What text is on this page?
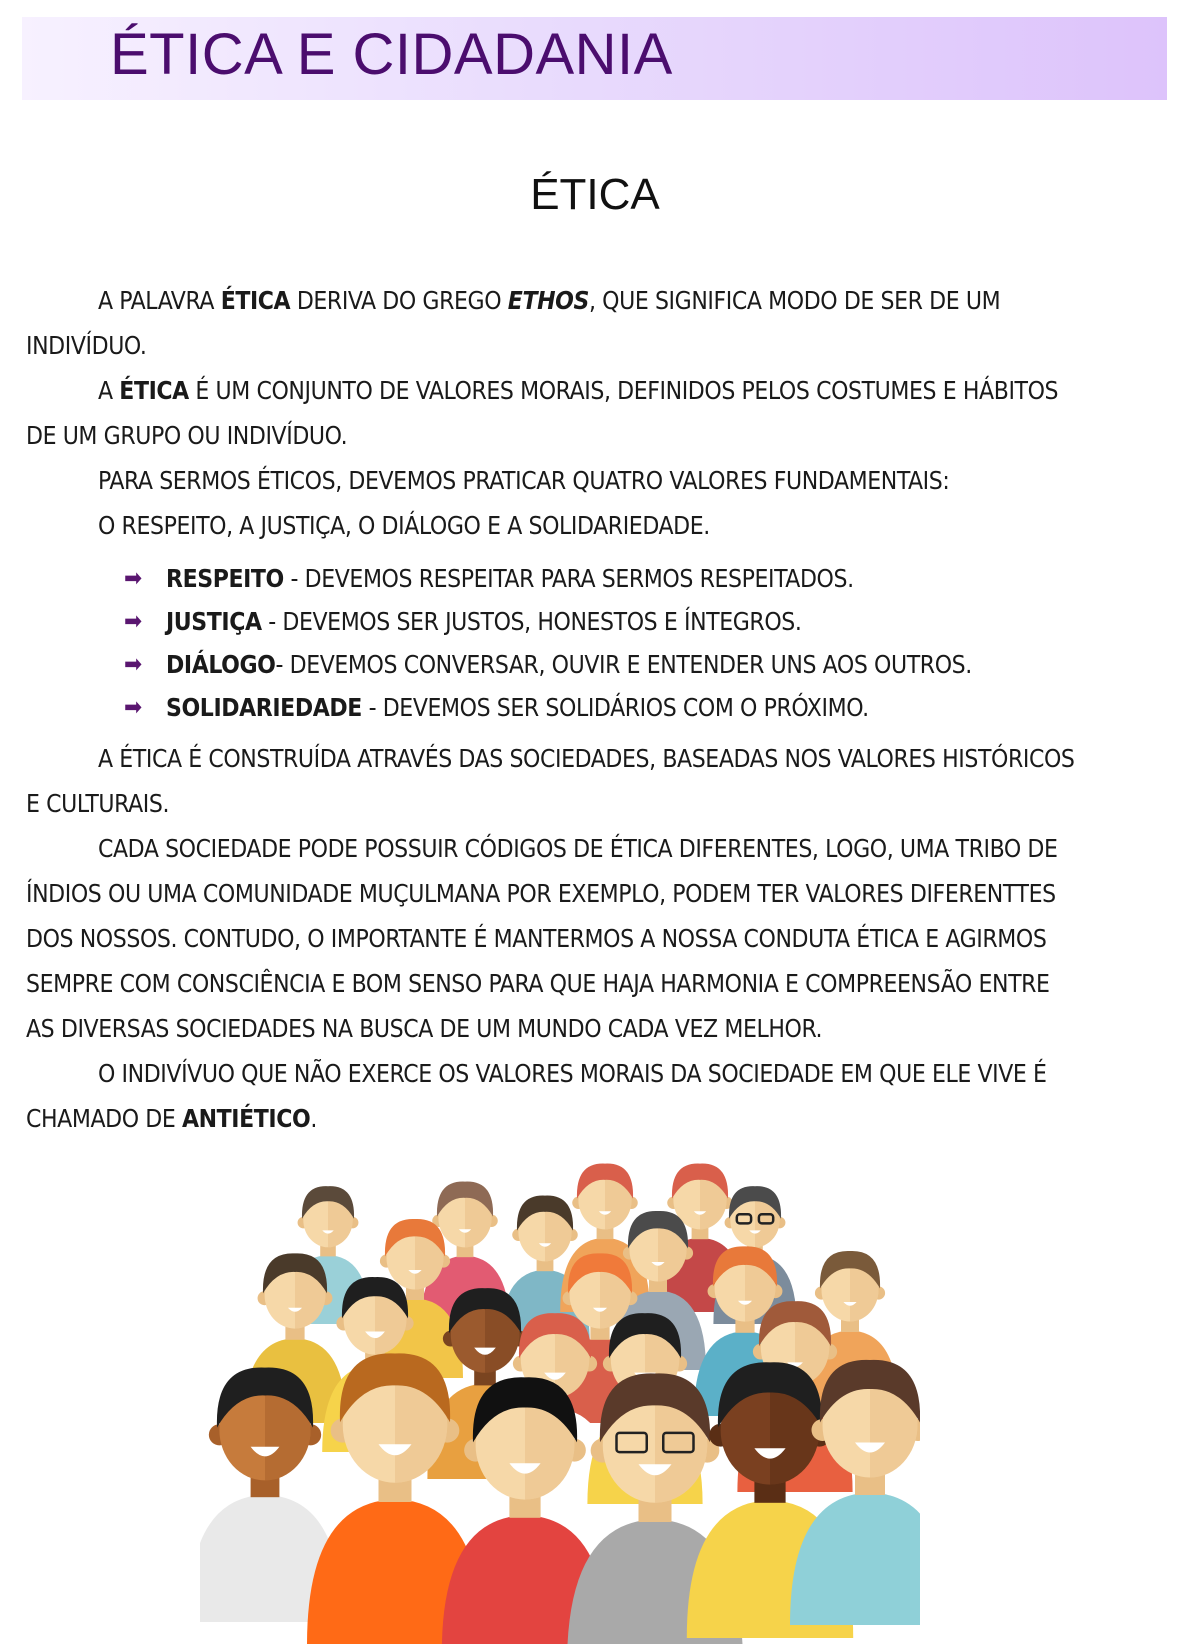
ÉTICA E CIDADANIA
ÉTICA
A PALAVRA ÉTICA DERIVA DO GREGO ETHOS, QUE SIGNIFICA MODO DE SER DE UM
INDIVÍDUO.
A ÉTICA É UM CONJUNTO DE VALORES MORAIS, DEFINIDOS PELOS COSTUMES E HÁBITOS
DE UM GRUPO OU INDIVÍDUO.
PARA SERMOS ÉTICOS, DEVEMOS PRATICAR QUATRO VALORES FUNDAMENTAIS:
O RESPEITO, A JUSTIÇA, O DIÁLOGO E A SOLIDARIEDADE.
➡ RESPEITO - DEVEMOS RESPEITAR PARA SERMOS RESPEITADOS.
➡ JUSTIÇA - DEVEMOS SER JUSTOS, HONESTOS E ÍNTEGROS.
➡ DIÁLOGO- DEVEMOS CONVERSAR, OUVIR E ENTENDER UNS AOS OUTROS.
➡ SOLIDARIEDADE - DEVEMOS SER SOLIDÁRIOS COM O PRÓXIMO.
A ÉTICA É CONSTRUÍDA ATRAVÉS DAS SOCIEDADES, BASEADAS NOS VALORES HISTÓRICOS
E CULTURAIS.
CADA SOCIEDADE PODE POSSUIR CÓDIGOS DE ÉTICA DIFERENTES, LOGO, UMA TRIBO DE
ÍNDIOS OU UMA COMUNIDADE MUÇULMANA POR EXEMPLO, PODEM TER VALORES DIFERENTTES
DOS NOSSOS. CONTUDO, O IMPORTANTE É MANTERMOS A NOSSA CONDUTA ÉTICA E AGIRMOS
SEMPRE COM CONSCIÊNCIA E BOM SENSO PARA QUE HAJA HARMONIA E COMPREENSÃO ENTRE
AS DIVERSAS SOCIEDADES NA BUSCA DE UM MUNDO CADA VEZ MELHOR.
O INDIVÍVUO QUE NÃO EXERCE OS VALORES MORAIS DA SOCIEDADE EM QUE ELE VIVE É
CHAMADO DE ANTIÉTICO.
